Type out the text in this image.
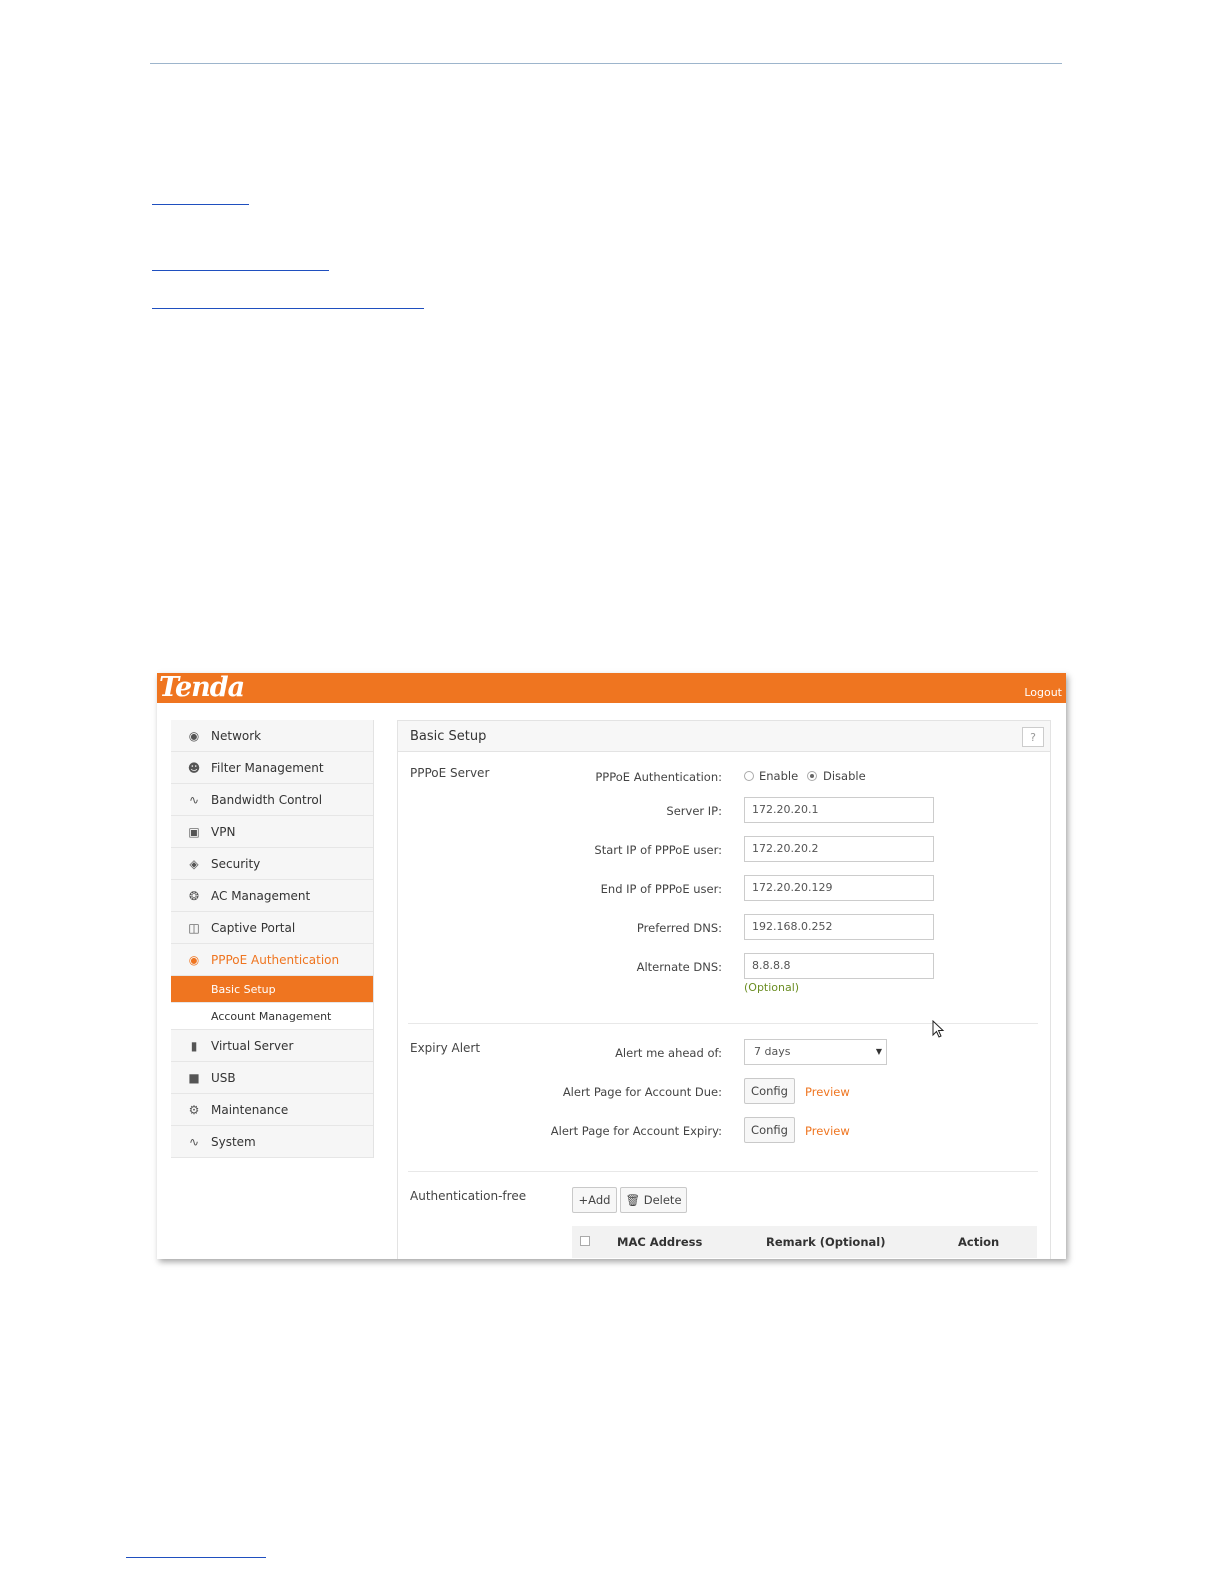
Tenda	Logout
◉ Network
☻ Filter Management
∿ Bandwidth Control
▣ VPN
◈ Security
❂ AC Management
◫ Captive Portal
◉ PPPoE Authentication
Basic Setup
Account Management
▮	Virtual Server
■ USB
⚙ Maintenance
∿ System
Basic Setup	?
PPPoE Server	PPPoE Authentication:	Enable Disable
Server IP:	172.20.20.1
Start IP of PPPoE user:	172.20.20.2
End IP of PPPoE user:	172.20.20.129
Preferred DNS:	192.168.0.252
Alternate DNS:	8.8.8.8
(Optional)
Expiry Alert	Alert me ahead of:	7 days	▼
Alert Page for Account Due:	Config	Preview
Alert Page for Account Expiry:	Config	Preview
Authentication-free	+Add	🗑 Delete
MAC Address	Remark (Optional)	Action
